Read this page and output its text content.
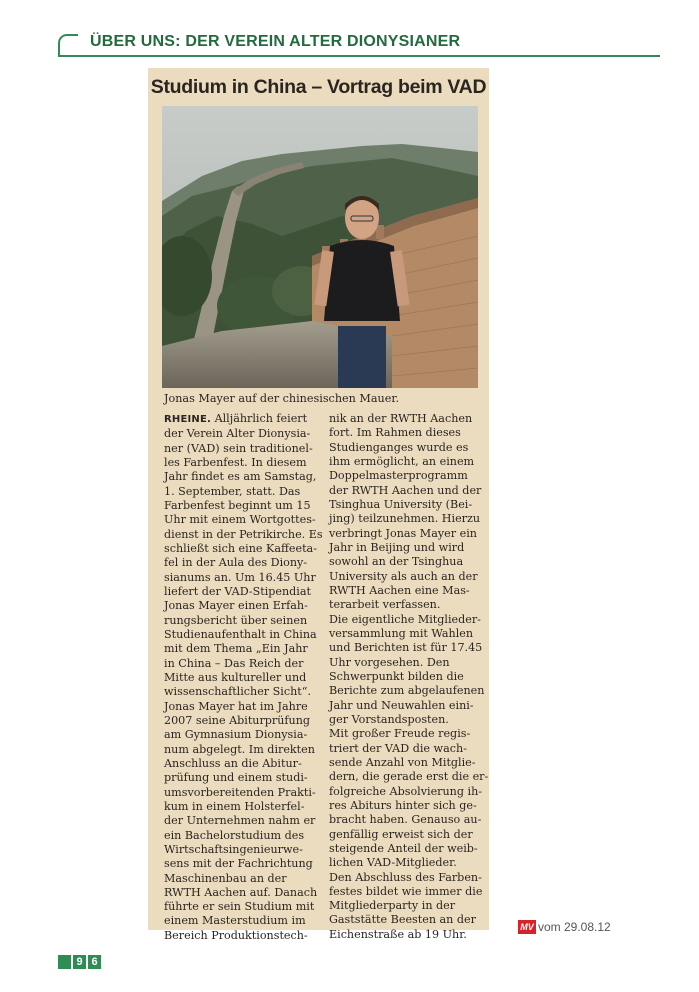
ÜBER UNS: DER VEREIN ALTER DIONYSIANER
Studium in China – Vortrag beim VAD
Jonas Mayer auf der chinesischen Mauer.
RHEINE. Alljährlich feiert
der Verein Alter Dionysia-
ner (VAD) sein traditionel-
les Farbenfest. In diesem
Jahr findet es am Samstag,
1. September, statt. Das
Farbenfest beginnt um 15
Uhr mit einem Wortgottes-
dienst in der Petrikirche. Es
schließt sich eine Kaffeeta-
fel in der Aula des Diony-
sianums an. Um 16.45 Uhr
liefert der VAD-Stipendiat
Jonas Mayer einen Erfah-
rungsbericht über seinen
Studienaufenthalt in China
mit dem Thema „Ein Jahr
in China – Das Reich der
Mitte aus kultureller und
wissenschaftlicher Sicht“.
Jonas Mayer hat im Jahre
2007 seine Abiturprüfung
am Gymnasium Dionysia-
num abgelegt. Im direkten
Anschluss an die Abitur-
prüfung und einem studi-
umsvorbereitenden Prakti-
kum in einem Holsterfel-
der Unternehmen nahm er
ein Bachelorstudium des
Wirtschaftsingenieurwe-
sens mit der Fachrichtung
Maschinenbau an der
RWTH Aachen auf. Danach
führte er sein Studium mit
einem Masterstudium im
Bereich Produktionstech-
nik an der RWTH Aachen
fort. Im Rahmen dieses
Studienganges wurde es
ihm ermöglicht, an einem
Doppelmasterprogramm
der RWTH Aachen und der
Tsinghua University (Bei-
jing) teilzunehmen. Hierzu
verbringt Jonas Mayer ein
Jahr in Beijing und wird
sowohl an der Tsinghua
University als auch an der
RWTH Aachen eine Mas-
terarbeit verfassen.
Die eigentliche Mitglieder-
versammlung mit Wahlen
und Berichten ist für 17.45
Uhr vorgesehen. Den
Schwerpunkt bilden die
Berichte zum abgelaufenen
Jahr und Neuwahlen eini-
ger Vorstandsposten.
Mit großer Freude regis-
triert der VAD die wach-
sende Anzahl von Mitglie-
dern, die gerade erst die er-
folgreiche Absolvierung ih-
res Abiturs hinter sich ge-
bracht haben. Genauso au-
genfällig erweist sich der
steigende Anteil der weib-
lichen VAD-Mitglieder.
Den Abschluss des Farben-
festes bildet wie immer die
Mitgliederparty in der
Gaststätte Beesten an der
Eichenstraße ab 19 Uhr.
MV vom 29.08.12
9 6
